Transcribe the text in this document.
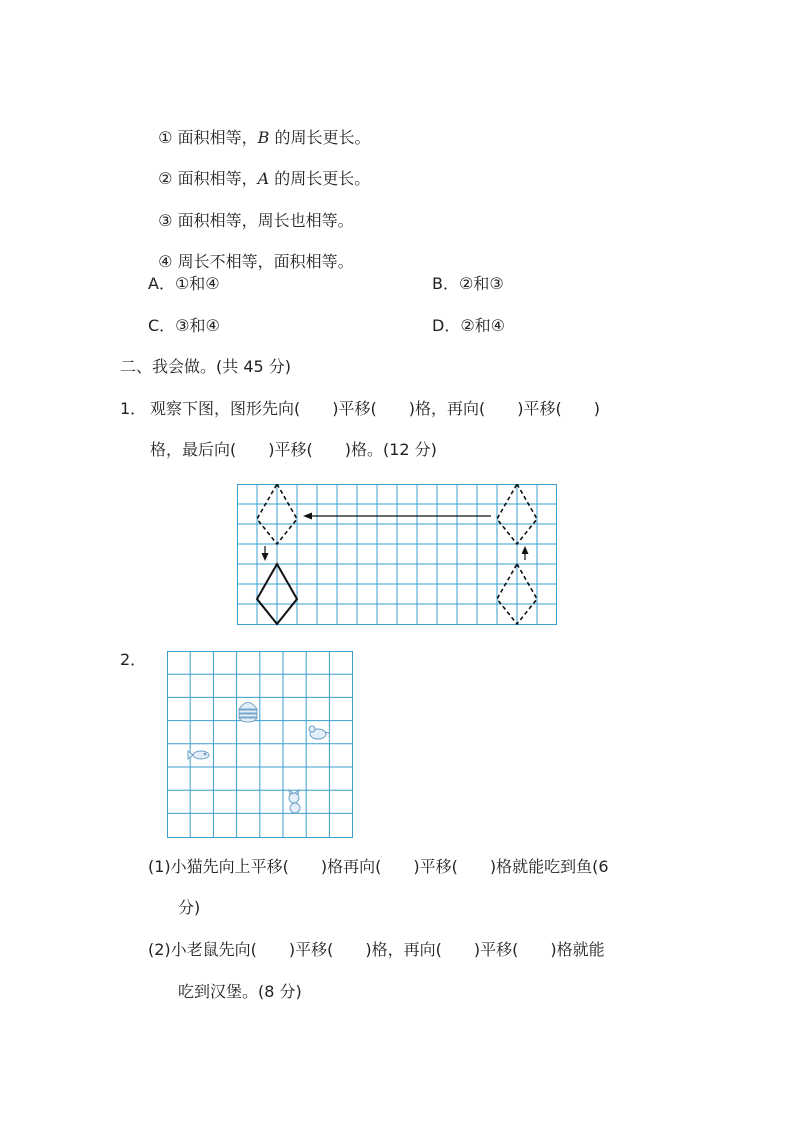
① 面积相等，B 的周长更长。

② 面积相等，A 的周长更长。

③ 面积相等，周长也相等。

④ 周长不相等，面积相等。

A．①和④	B．②和③
C．③和④	D．②和④
二、我会做。(共 45 分)
1． 观察下图，图形先向(　　)平移(　　)格，再向(　　)平移(　　)
格，最后向(　　)平移(　　)格。(12 分)
2．
(1)小猫先向上平移(　　)格再向(　　)平移(　　)格就能吃到鱼(6
分)
(2)小老鼠先向(　　)平移(　　)格，再向(　　)平移(　　)格就能
吃到汉堡。(8 分)
